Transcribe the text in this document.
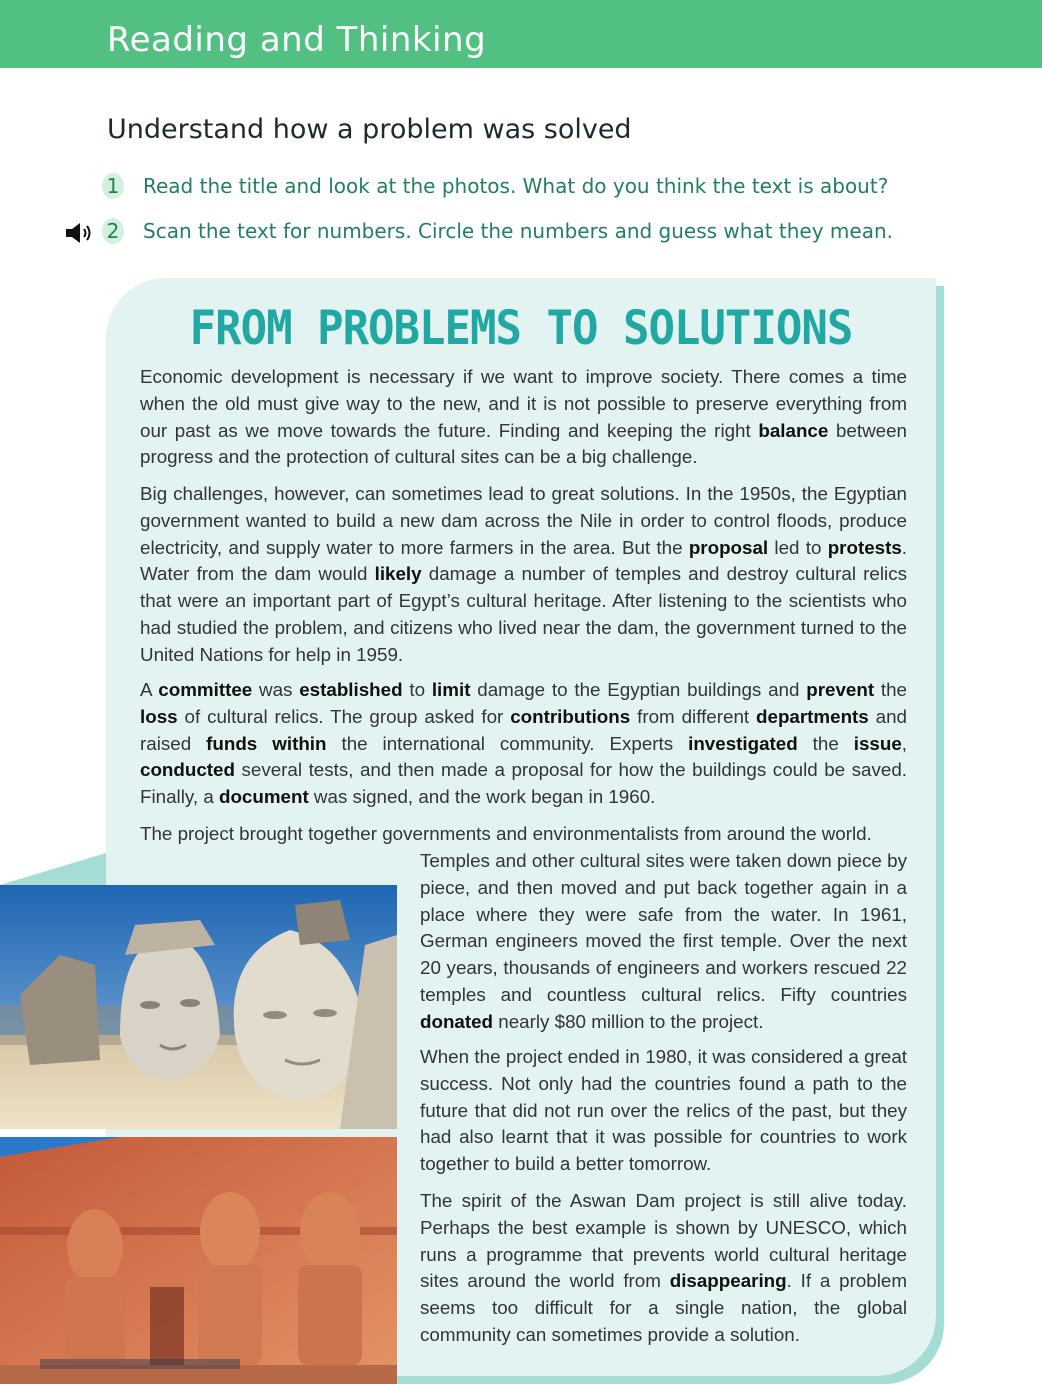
Reading and Thinking
Understand how a problem was solved
1 Read the title and look at the photos. What do you think the text is about?
2 Scan the text for numbers. Circle the numbers and guess what they mean.
FROM PROBLEMS TO SOLUTIONS

Economic development is necessary if we want to improve society. There comes a time when the old must give way to the new, and it is not possible to preserve everything from our past as we move towards the future. Finding and keeping the right balance between progress and the protection of cultural sites can be a big challenge.

Big challenges, however, can sometimes lead to great solutions. In the 1950s, the Egyptian government wanted to build a new dam across the Nile in order to control floods, produce electricity, and supply water to more farmers in the area. But the proposal led to protests. Water from the dam would likely damage a number of temples and destroy cultural relics that were an important part of Egypt’s cultural heritage. After listening to the scientists who had studied the problem, and citizens who lived near the dam, the government turned to the United Nations for help in 1959.

A committee was established to limit damage to the Egyptian buildings and prevent the loss of cultural relics. The group asked for contributions from different departments and raised funds within the international community. Experts investigated the issue, conducted several tests, and then made a proposal for how the buildings could be saved. Finally, a document was signed, and the work began in 1960.

The project brought together governments and environmentalists from around the world.

Temples and other cultural sites were taken down piece by piece, and then moved and put back together again in a place where they were safe from the water. In 1961, German engineers moved the first temple. Over the next 20 years, thousands of engineers and workers rescued 22 temples and countless cultural relics. Fifty countries donated nearly $80 million to the project.

When the project ended in 1980, it was considered a great success. Not only had the countries found a path to the future that did not run over the relics of the past, but they had also learnt that it was possible for countries to work together to build a better tomorrow.

The spirit of the Aswan Dam project is still alive today. Perhaps the best example is shown by UNESCO, which runs a programme that prevents world cultural heritage sites around the world from disappearing. If a problem seems too difficult for a single nation, the global community can sometimes provide a solution.
